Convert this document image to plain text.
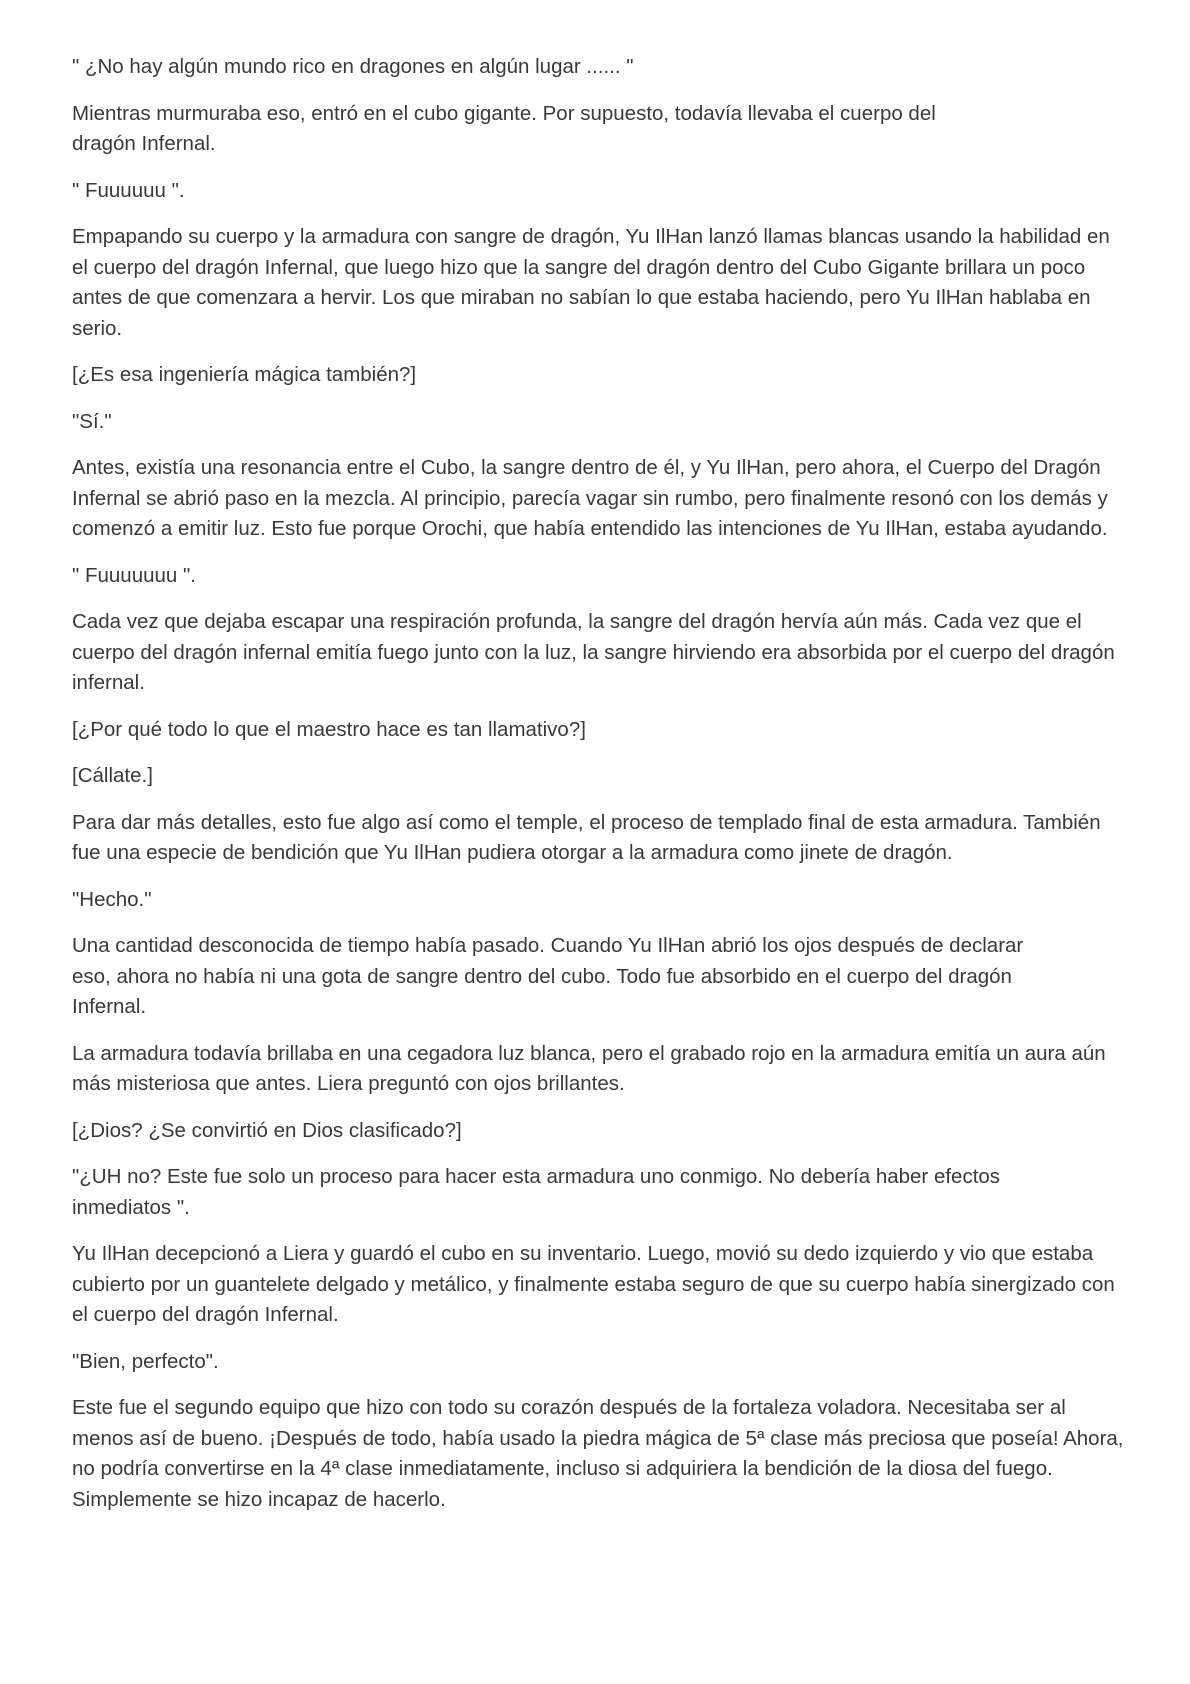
" ¿No hay algún mundo rico en dragones en algún lugar ...... "

Mientras murmuraba eso, entró en el cubo gigante. Por supuesto, todavía llevaba el cuerpo del dragón Infernal.

" Fuuuuuu ".

Empapando su cuerpo y la armadura con sangre de dragón, Yu IlHan lanzó llamas blancas usando la habilidad en el cuerpo del dragón Infernal, que luego hizo que la sangre del dragón dentro del Cubo Gigante brillara un poco antes de que comenzara a hervir. Los que miraban no sabían lo que estaba haciendo, pero Yu IlHan hablaba en serio.

[¿Es esa ingeniería mágica también?]

"Sí."

Antes, existía una resonancia entre el Cubo, la sangre dentro de él, y Yu IlHan, pero ahora, el Cuerpo del Dragón Infernal se abrió paso en la mezcla. Al principio, parecía vagar sin rumbo, pero finalmente resonó con los demás y comenzó a emitir luz. Esto fue porque Orochi, que había entendido las intenciones de Yu IlHan, estaba ayudando.

" Fuuuuuuu ".

Cada vez que dejaba escapar una respiración profunda, la sangre del dragón hervía aún más. Cada vez que el cuerpo del dragón infernal emitía fuego junto con la luz, la sangre hirviendo era absorbida por el cuerpo del dragón infernal.

[¿Por qué todo lo que el maestro hace es tan llamativo?]

[Cállate.]

Para dar más detalles, esto fue algo así como el temple, el proceso de templado final de esta armadura. También fue una especie de bendición que Yu IlHan pudiera otorgar a la armadura como jinete de dragón.

"Hecho."

Una cantidad desconocida de tiempo había pasado. Cuando Yu IlHan abrió los ojos después de declarar eso, ahora no había ni una gota de sangre dentro del cubo. Todo fue absorbido en el cuerpo del dragón Infernal.

La armadura todavía brillaba en una cegadora luz blanca, pero el grabado rojo en la armadura emitía un aura aún más misteriosa que antes. Liera preguntó con ojos brillantes.

[¿Dios? ¿Se convirtió en Dios clasificado?]

"¿UH no? Este fue solo un proceso para hacer esta armadura uno conmigo. No debería haber efectos inmediatos ".

Yu IlHan decepcionó a Liera y guardó el cubo en su inventario. Luego, movió su dedo izquierdo y vio que estaba cubierto por un guantelete delgado y metálico, y finalmente estaba seguro de que su cuerpo había sinergizado con el cuerpo del dragón Infernal.

"Bien, perfecto".

Este fue el segundo equipo que hizo con todo su corazón después de la fortaleza voladora. Necesitaba ser al menos así de bueno. ¡Después de todo, había usado la piedra mágica de 5ª clase más preciosa que poseía! Ahora, no podría convertirse en la 4ª clase inmediatamente, incluso si adquiriera la bendición de la diosa del fuego. Simplemente se hizo incapaz de hacerlo.
